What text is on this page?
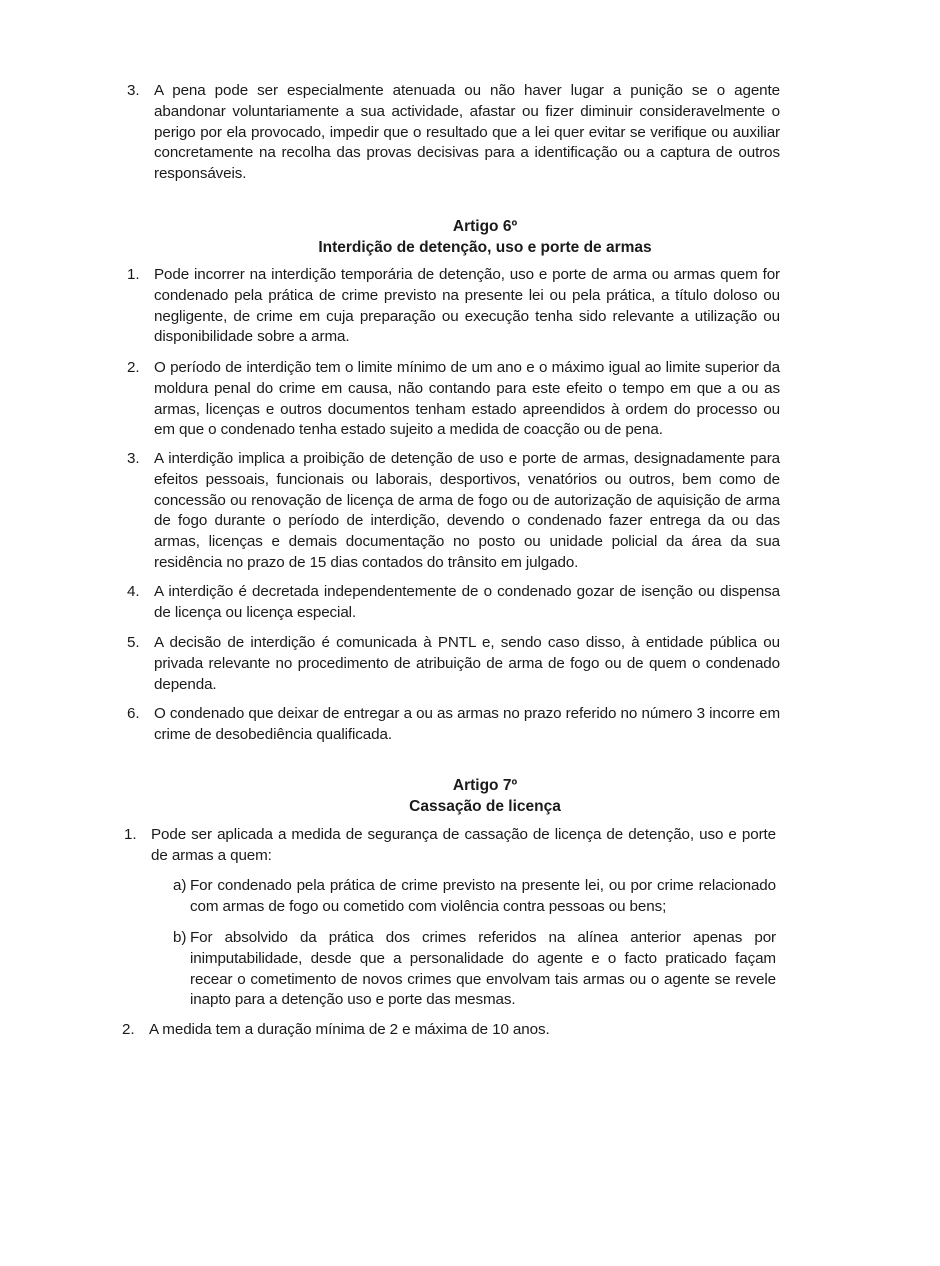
3. A pena pode ser especialmente atenuada ou não haver lugar a punição se o agente abandonar voluntariamente a sua actividade, afastar ou fizer diminuir consideravelmente o perigo por ela provocado, impedir que o resultado que a lei quer evitar se verifique ou auxiliar concretamente na recolha das provas decisivas para a identificação ou a captura de outros responsáveis.
Artigo 6º
Interdição de detenção, uso e porte de armas
1. Pode incorrer na interdição temporária de detenção, uso e porte de arma ou armas quem for condenado pela prática de crime previsto na presente lei ou pela prática, a título doloso ou negligente, de crime em cuja preparação ou execução tenha sido relevante a utilização ou disponibilidade sobre a arma.
2. O período de interdição tem o limite mínimo de um ano e o máximo igual ao limite superior da moldura penal do crime em causa, não contando para este efeito o tempo em que a ou as armas, licenças e outros documentos tenham estado apreendidos à ordem do processo ou em que o condenado tenha estado sujeito a medida de coacção ou de pena.
3. A interdição implica a proibição de detenção de uso e porte de armas, designadamente para efeitos pessoais, funcionais ou laborais, desportivos, venatórios ou outros, bem como de concessão ou renovação de licença de arma de fogo ou de autorização de aquisição de arma de fogo durante o período de interdição, devendo o condenado fazer entrega da ou das armas, licenças e demais documentação no posto ou unidade policial da área da sua residência no prazo de 15 dias contados do trânsito em julgado.
4. A interdição é decretada independentemente de o condenado gozar de isenção ou dispensa de licença ou licença especial.
5. A decisão de interdição é comunicada à PNTL e, sendo caso disso, à entidade pública ou privada relevante no procedimento de atribuição de arma de fogo ou de quem o condenado dependa.
6. O condenado que deixar de entregar a ou as armas no prazo referido no número 3 incorre em crime de desobediência qualificada.
Artigo 7º
Cassação de licença
1. Pode ser aplicada a medida de segurança de cassação de licença de detenção, uso e porte de armas a quem:
a) For condenado pela prática de crime previsto na presente lei, ou por crime relacionado com armas de fogo ou cometido com violência contra pessoas ou bens;
b) For absolvido da prática dos crimes referidos na alínea anterior apenas por inimputabilidade, desde que a personalidade do agente e o facto praticado façam recear o cometimento de novos crimes que envolvam tais armas ou o agente se revele inapto para a detenção uso e porte das mesmas.
2. A medida tem a duração mínima de 2 e máxima de 10 anos.
